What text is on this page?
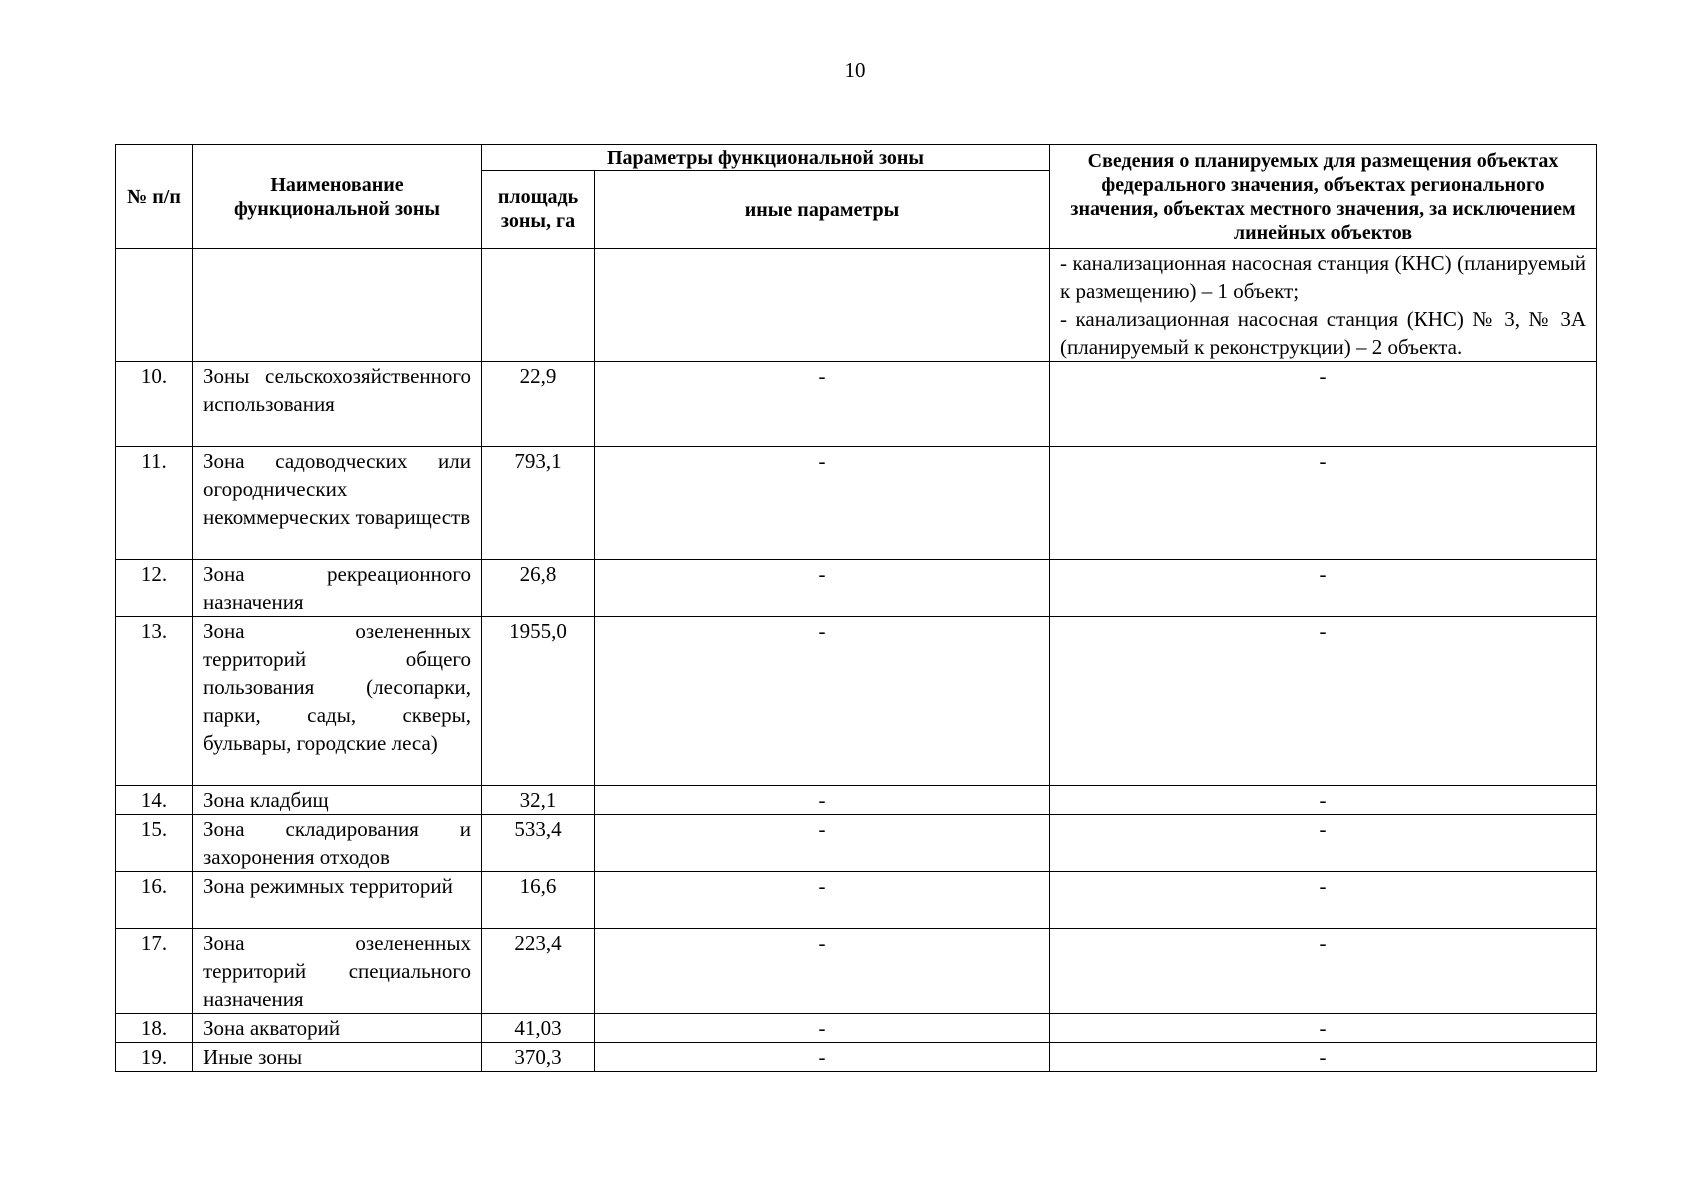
10
№ п/п	Наименование функциональной зоны	Параметры функциональной зоны		Сведения о планируемых для размещения объектах федерального значения, объектах регионального значения, объектах местного значения, за исключением линейных объектов
		площадь зоны, га	иные параметры	

				- канализационная насосная станция (КНС) (планируемый к размещению) – 1 объект;

- канализационная насосная станция (КНС) № 3, № 3А (планируемый к реконструкции) – 2 объекта.

10.	Зоны сельскохозяйственного использования	22,9	-	-
11.	Зона садоводческих или огороднических некоммерческих товариществ	793,1	-	-
12.	Зона рекреационного назначения	26,8	-	-
13.	Зона озелененных территорий общего пользования (лесопарки, парки, сады, скверы, бульвары, городские леса)	1955,0	-	-
14.	Зона кладбищ	32,1	-	-
15.	Зона складирования и захоронения отходов	533,4	-	-
16.	Зона режимных территорий	16,6	-	-
17.	Зона озелененных территорий специального назначения	223,4	-	-
18.	Зона акваторий	41,03	-	-
19.	Иные зоны	370,3	-	-
